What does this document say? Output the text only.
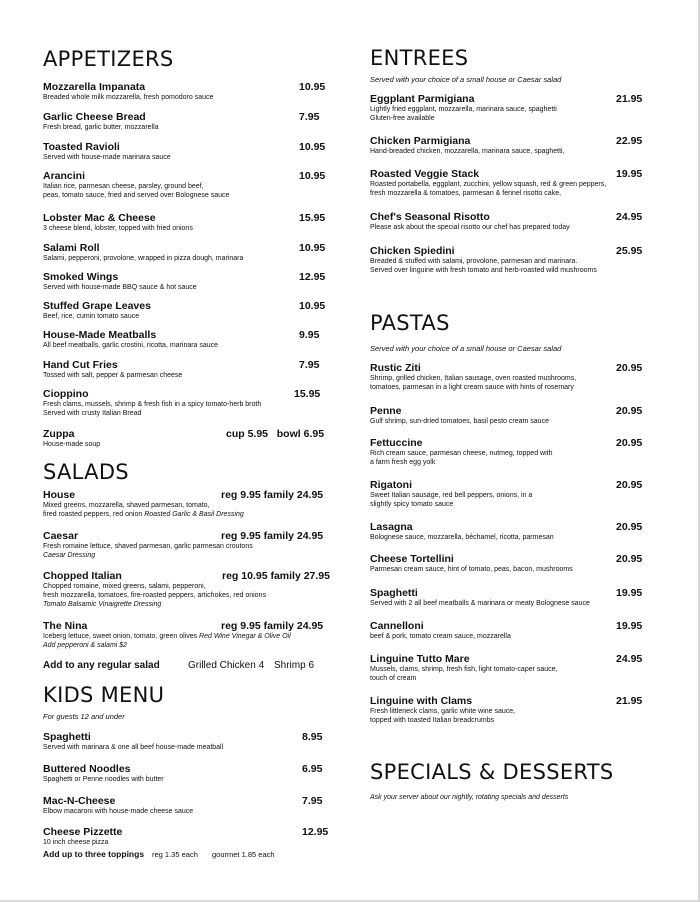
APPETIZERS
Mozzarella Impanata
Breaded whole milk mozzarella, fresh pomodoro sauce
10.95
Garlic Cheese Bread
Fresh bread, garlic butter, mozzarella
7.95
Toasted Ravioli
Served with house-made marinara sauce
10.95
Arancini
Italian rice, parmesan cheese, parsley, ground beef,
peas, tomato sauce, fried and served over Bolognese sauce
10.95
Lobster Mac & Cheese
3 cheese blend, lobster, topped with fried onions
15.95
Salami Roll
Salami, pepperoni, provolone, wrapped in pizza dough, marinara
10.95
Smoked Wings
Served with house-made BBQ sauce & hot sauce
12.95
Stuffed Grape Leaves
Beef, rice, cumin tomato sauce
10.95
House-Made Meatballs
All beef meatballs, garlic crostini, ricotta, marinara sauce
9.95
Hand Cut Fries
Tossed with salt, pepper & parmesan cheese
7.95
Cioppino
Fresh clams, mussels, shrimp & fresh fish in a spicy tomato-herb broth
Served with crusty Italian Bread
15.95
Zuppa
House-made soup
cup 5.95   bowl 6.95
SALADS
House
Mixed greens, mozzarella, shaved parmesan, tomato,
fired roasted peppers, red onion Roasted Garlic & Basil Dressing
reg 9.95 family 24.95
Caesar
Fresh romaine lettuce, shaved parmesan, garlic parmesan croutons
Caesar Dressing
reg 9.95 family 24.95
Chopped Italian
Chopped romaine, mixed greens, salami, pepperoni,
fresh mozzarella, tomatoes, fire-roasted peppers, artichokes, red onions
Tomato Balsamic Vinaigrette Dressing
reg 10.95 family 27.95
The Nina
Iceberg lettuce, sweet onion, tomato, green olives Red Wine Vinegar & Olive Oil
Add pepperoni & salami $2
reg 9.95 family 24.95
Add to any regular salad	Grilled Chicken 4 Shrimp 6
KIDS MENU
For guests 12 and under
Spaghetti
Served with marinara & one all beef house-made meatball
8.95
Buttered Noodles
Spaghetti or Penne noodles with butter
6.95
Mac-N-Cheese
Elbow macaroni with house-made cheese sauce
7.95
Cheese Pizzette
10 inch cheese pizza
12.95
Add up to three toppings reg 1.35 each gourmet 1.85 each
ENTREES
Served with your choice of a small house or Caesar salad
Eggplant Parmigiana
Lightly fried eggplant, mozzarella, marinara sauce, spaghetti
Gluten-free available
21.95
Chicken Parmigiana
Hand-breaded chicken, mozzarella, marinara sauce, spaghetti,
22.95
Roasted Veggie Stack
Roasted portabella, eggplant, zucchini, yellow squash, red & green peppers,
fresh mozzarella & tomatoes, parmesan & fennel risotto cake,
19.95
Chef's Seasonal Risotto
Please ask about the special risotto our chef has prepared today
24.95
Chicken Spiedini
Breaded & stuffed with salami, provolone, parmesan and marinara.
Served over linguine with fresh tomato and herb-roasted wild mushrooms
25.95
PASTAS
Served with your choice of a small house or Caesar salad
Rustic Ziti
Shrimp, grilled chicken, Italian sausage, oven roasted mushrooms,
tomatoes, parmesan in a light cream sauce with hints of rosemary
20.95
Penne
Gulf shrimp, sun-dried tomatoes, basil pesto cream sauce
20.95
Fettuccine
Rich cream sauce, parmesan cheese, nutmeg, topped with
a farm fresh egg yolk
20.95
Rigatoni
Sweet Italian sausage, red bell peppers, onions, in a
slightly spicy tomato sauce
20.95
Lasagna
Bolognese sauce, mozzarella, béchamel, ricotta, parmesan
20.95
Cheese Tortellini
Parmesan cream sauce, hint of tomato, peas, bacon, mushrooms
20.95
Spaghetti
Served with 2 all beef meatballs & marinara or meaty Bolognese sauce
19.95
Cannelloni
beef & pork, tomato cream sauce, mozzarella
19.95
Linguine Tutto Mare
Mussels, clams, shrimp, fresh fish, light tomato-caper sauce,
touch of cream
24.95
Linguine with Clams
Fresh littleneck clams, garlic white wine sauce,
topped with toasted Italian breadcrumbs
21.95
SPECIALS & DESSERTS
Ask your server about our nightly, rotating specials and desserts
